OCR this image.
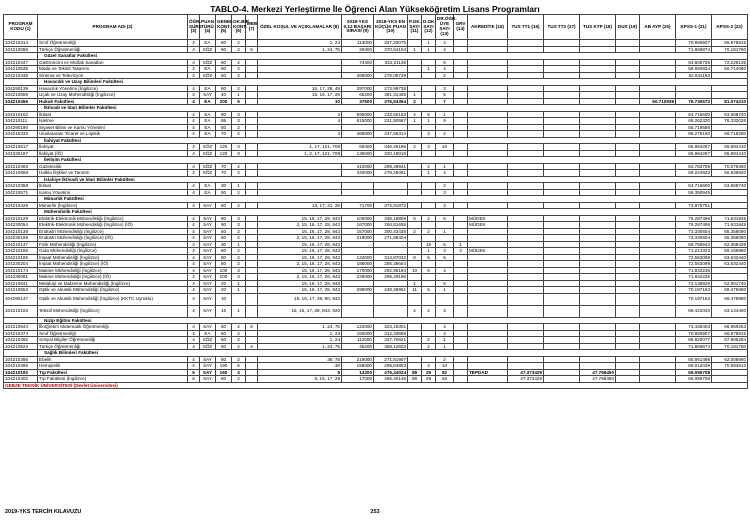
TABLO-4. Merkezi Yerleştirme İle Öğrenci Alan Yükseköğretim Lisans Programları
PROGRAM KODU (1)	PROGRAM ADI (2)	ÖĞR. SÜRE (3)	PUAN TÜRÜ (4)	GENEL KONT. (5)	OK.BİR. KONT. (6)	MEB (7)	ÖZEL KOŞUL VE AÇIKLAMALAR (8)	2018-YKS 0,12 BAŞARI SIRASI (9)	2018-YKS EN KÜÇÜK PUAN (10)	P.OK. SAYI (11)	D.OK. SAYI (12)	DR.ÖĞR. ÜYE SAYI (13)	GRV (14)	AKREDİTE (15)	TUS TT1 (16)	TUS TT2 (17)	TUS KTP (18)	DUS (19)	AB AYP (20)	KPSS-1 (21)	KPSS-2 (22)
104210314	Sınıf Öğretmenliği	4	EA	60	2		1, 24	113000	327,33075		1	4								70.955907	66.978815
104210086	Türkçe Öğretmenliği	4	SÖZ	60	2	5	1, 24, 75	29400	370,64104	1	1	4								71.869874	70.181780
	Güzel Sanatlar Fakültesi																				
104210447	Gastronomi ve Mutfak Sanatları	4	SÖZ	60	2			74400	342,21136			6								64.605726	72.228135
104210535	Moda ve Tekstil Tasarımı	4	EA	60	2						1	4								58.660934	60.714080
104210438	Sinema ve Televizyon	4	SÖZ	60	2			369000	275,08749			2								62.641163	
	Havacılık ve Uzay Bilimleri Fakültesi																				
104290139	Havacılık Yönetimi (İngilizce)	4	EA	60	2		15, 17, 28, 48	297000	273,99738			3									
104210659	Uçak ve Uzay Mühendisliği (İngilizce)	4	SAY	40	1		15, 16, 17, 28	65200	381,31466	1		5									
104210456	Hukuk Fakültesi	4	EA	200	5		10	37600	376,54364	2		7							60.710939	76.730672	81.074210
	İktisadi ve İdari Bilimler Fakültesi																				
104210102	İktisat	4	EA	90	3		4	595000	233,55153	4	5	1								64.716600	63.658740
104210111	İşletme	4	EA	85	3		4	615000	231,50587	1	1	9								65.262320	76.332026
104290190	Siyaset Bilimi ve Kamu Yönetimi	4	EA	50	2															55.719586	
104210332	Uluslararası Ticaret ve Lojistik	4	EA	70	2		4	468000	247,56314		3	2								68.279160	69.718290
	İlahiyat Fakültesi																				
104210517	İlahiyat	4	SÖZ	120	3		1, 17, 121, 708	65400	346,45196	2	3	10								65.964287	65.894410
104230187	İlahiyat (İÖ)	4	SÖZ	120	3		1, 2, 17, 121, 708	136000	320,19015											65.964287	65.894410
	İletişim Fakültesi																				
104210483	Gazetecilik	4	SÖZ	70	2			410000	269,49841		2	1								62.763759	70.079460
104210668	Halkla İlişkiler ve Tanıtım	4	SÖZ	70	2			340000	279,25061		1	4								59.224923	56.836920
	İslahiye İktisadi ve İdari Bilimler Fakültesi																				
104210359	İktisat	4	EA	30	1							2								64.716600	63.658740
104210571	Kamu Yönetimi	4	EA	50	2							3								59.350945	
	Mimarlık Fakültesi																				
104210429	Mimarlık (İngilizce)	4	SAY	80	2		13, 17, 21, 28	71700	372,91872			3								73.976751	
	Mühendislik Fakültesi																				
104210129	Elektrik-Elektronik Mühendisliği (İngilizce)	4	SAY	90	3		15, 16, 17, 28, 843	106000	336,19808	6	2	6		MÜDEK						76.287498	71.631845
104230054	Elektrik-Elektronik Mühendisliği (İngilizce) (İÖ)	4	SAY	90	3		2, 15, 16, 17, 28, 843	167000	294,81655					MÜDEK						76.287498	71.631845
104210138	Endüstri Mühendisliği (İngilizce)	4	SAY	60	2		15, 16, 17, 28, 843	157000	300,43435	2	2	1								73.330604	65.358090
104230169	Endüstri Mühendisliği (İngilizce) (İÖ)	4	SAY	60	2		2, 15, 16, 17, 28, 843	218000	271,99404											73.330604	65.358090
104210147	Fizik Mühendisliği (İngilizce)	4	SAY	30	1		15, 16, 17, 28, 843	...	...		15	5	1							66.755944	62.369439
104210156	Gıda Mühendisliği (İngilizce)	4	SAY	60	2		15, 16, 17, 28, 843				1	3	3	MÜDEK						71.214323	59.159960
104210165	İnşaat Mühendisliği (İngilizce)	4	SAY	80	2		15, 16, 17, 28, 843	134000	314,87032	6	5	5								72.563099	63.632440
104230204	İnşaat Mühendisliği (İngilizce) (İÖ)	4	SAY	80	2		2, 15, 16, 17, 28, 843	186000	285,38664											72.563099	63.632440
104210174	Makine Mühendisliği (İngilizce)	4	SAY	100	3		15, 16, 17, 28, 843	170000	292,95184	10	6	4								71.842235	
104230081	Makine Mühendisliği (İngilizce) (İÖ)	4	SAY	100	3		2, 15, 16, 17, 28, 843	226000	269,29196											71.842235	
104210641	Metalurji ve Malzeme Mühendisliği (İngilizce)	4	SAY	20	1		15, 16, 17, 28, 843			1		5								72.138828	62.901740
104210553	Optik ve Akustik Mühendisliği (İngilizce)	4	SAY	20	1		15, 16, 17, 28, 843	298000	248,36951	11	5	1								70.197163	69.475980
104290137	Optik ve Akustik Mühendisliği (İngilizce) (KKTC Uyruklu)	4	SAY	10			15, 16, 17, 28, 90, 843													70.197163	69.475980
104210183	Tekstil Mühendisliği (İngilizce)	4	SAY	15	1		15, 16, 17, 28, 843, 920			2	2	3								68.422033	63.144400
	Nizip Eğitim Fakültesi																				
104210544	İlköğretim Matematik Öğretmenliği	4	SAY	50	2	6	1, 24, 75	122000	323,18301			4								73.428403	66.959253
104210474	Sınıf Öğretmenliği	4	EA	50	2		1, 24	150000	312,33698			4								70.955907	66.978815
104210492	Sosyal Bilgiler Öğretmenliği	4	SÖZ	50	2		1, 24	112000	327,70621		2	1								68.920077	67.985284
104210623	Türkçe Öğretmenliği	4	SÖZ	50	2	4	1, 24, 75	45200	358,12603		2	1								71.869874	70.181780
	Sağlık Bilimleri Fakültesi																				
104210386	Ebelik	4	SAY	80	2		38, 78	219000	271,61907			2								65.661498	62.005660
104210395	Hemşirelik	4	SAY	190	5		38	158000	299,64853		4	10								69.012039	70.594613
104210192	Tıp Fakültesi	6	SAY	160	4		5	13200	476,24024	88	29	62		TEPDAD	47.373429		47.768450			65.056708	
104210402	Tıp Fakültesi (İngilizce)	6	SAY	60	2		5, 15, 17, 28	17000	466,40146	88	29	62			47.373429		47.768450			65.056708	
GEBZE TEKNİK ÜNİVERSİTESİ (Devlet Üniversitesi)																					
2019-YKS TERCİH KILAVUZU	253
